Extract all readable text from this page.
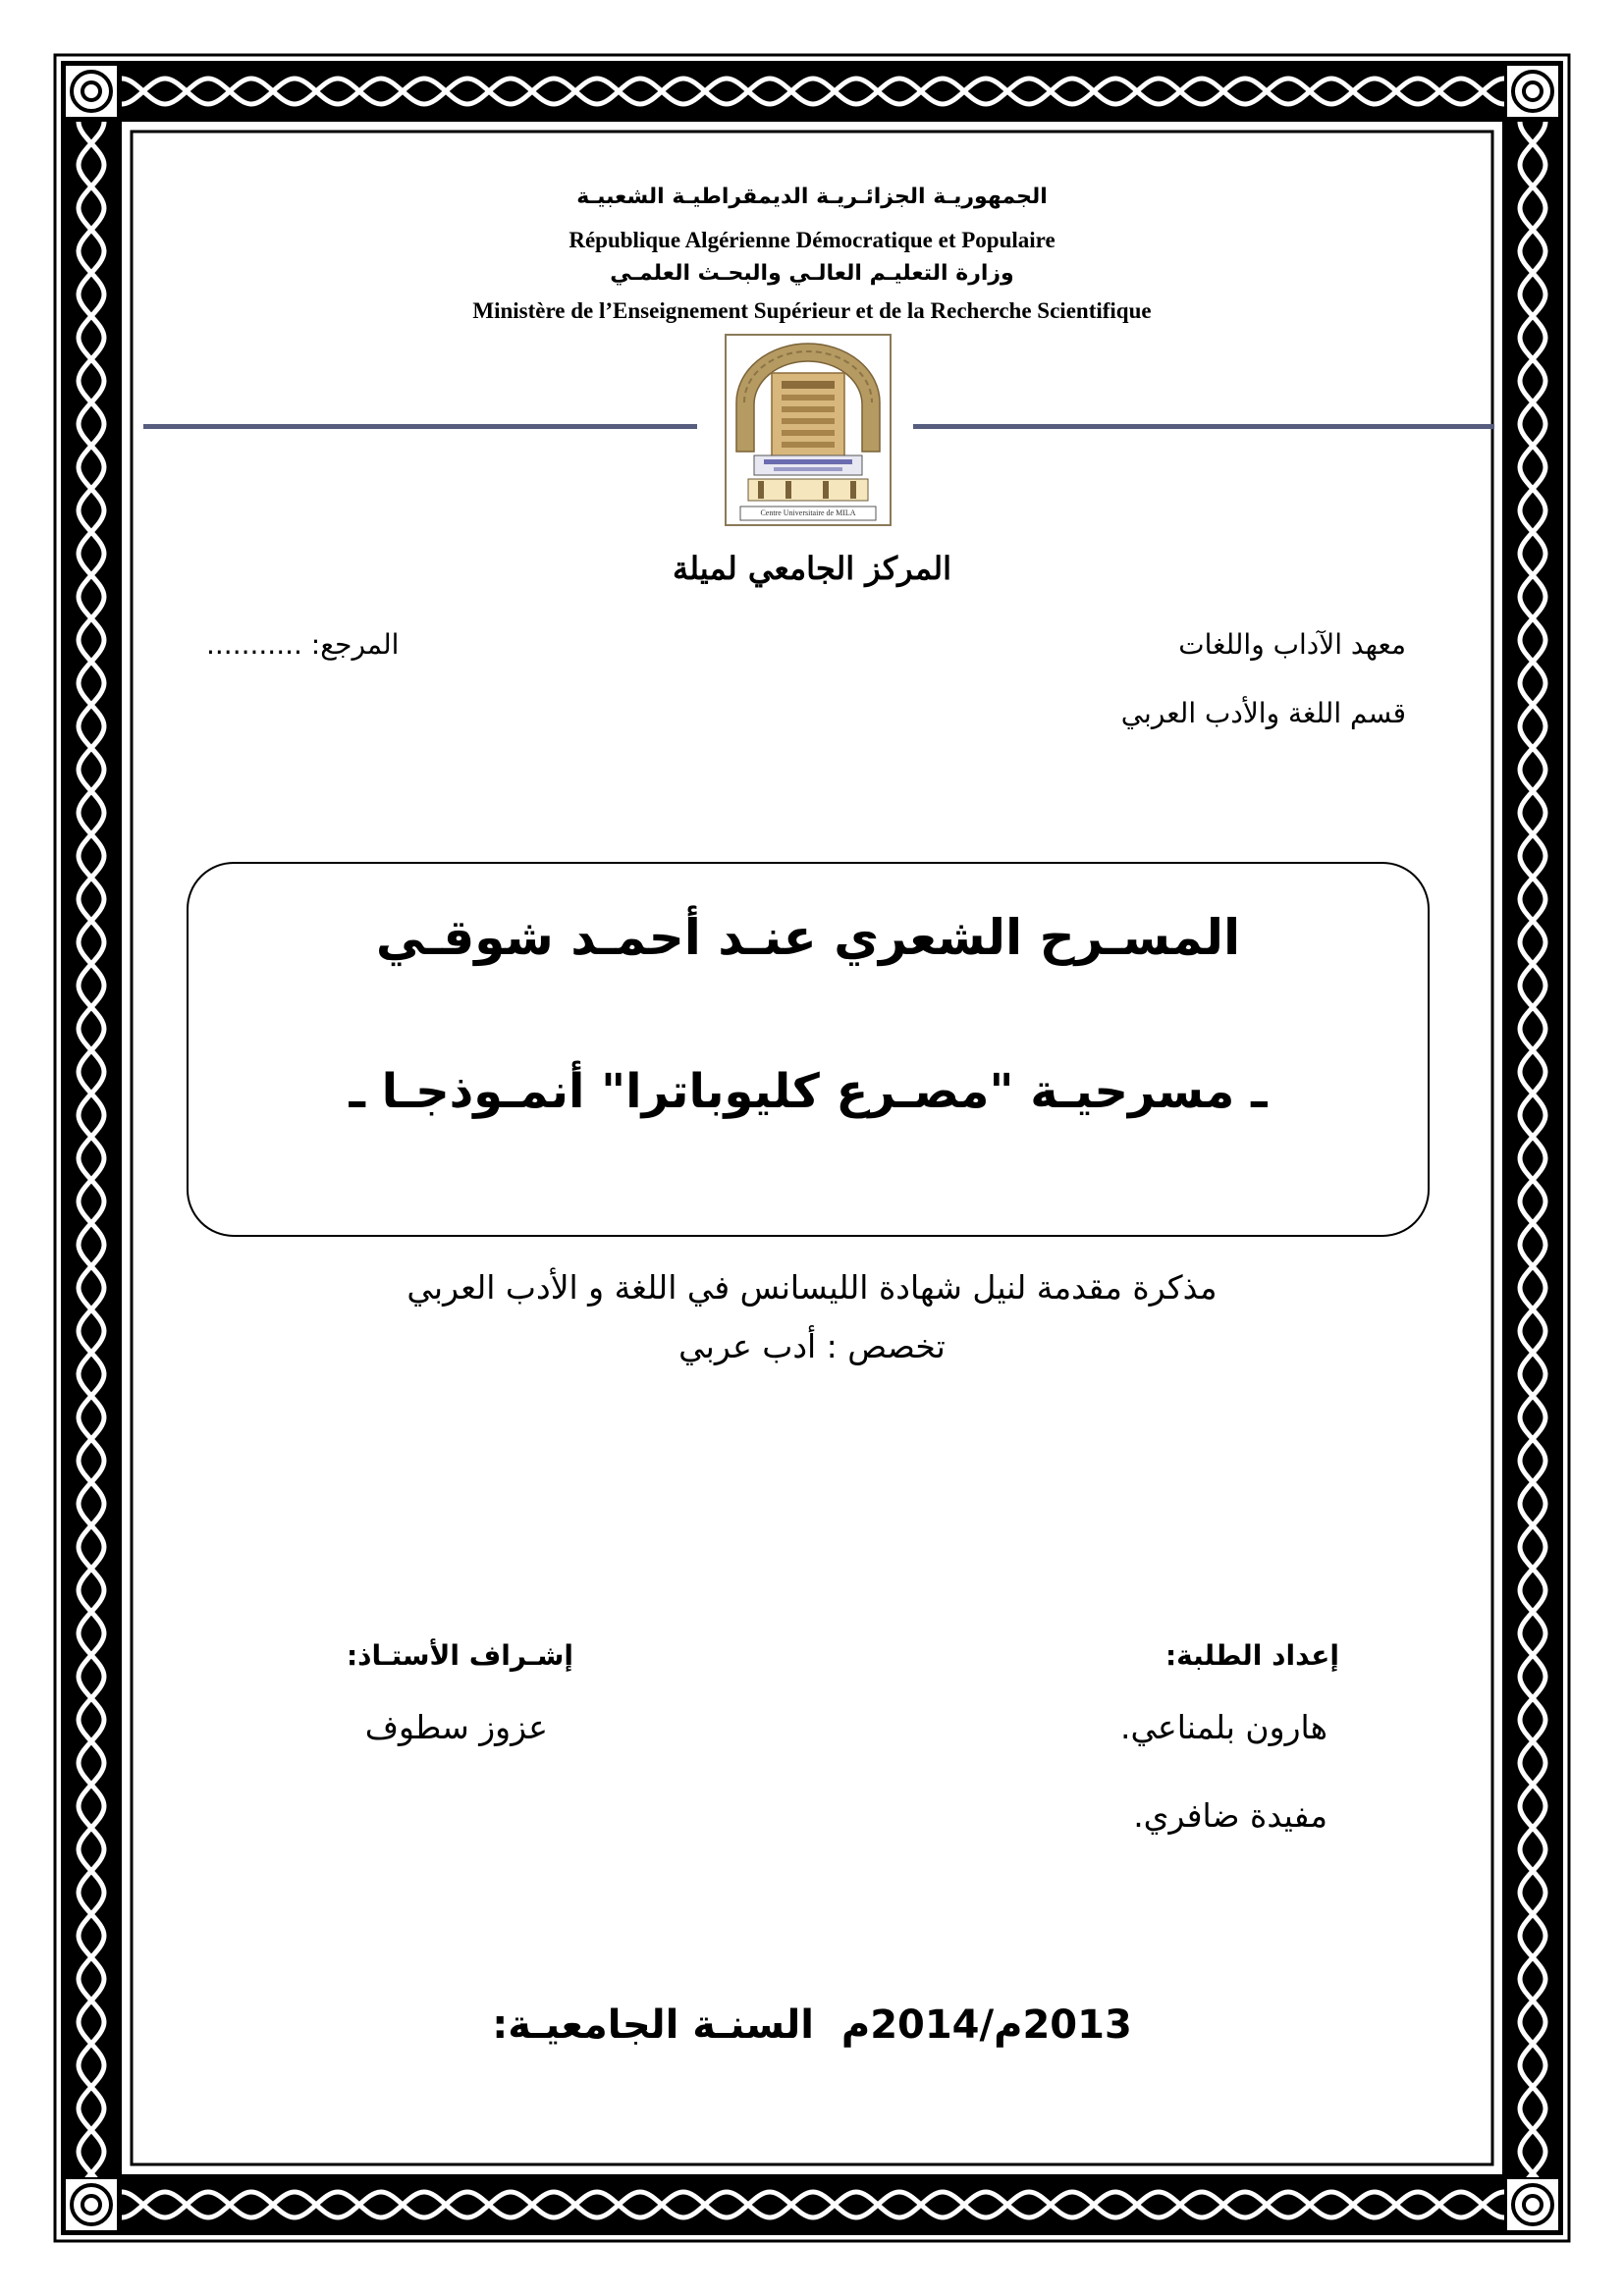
الجمهوريـة الجزائـريـة الديمقراطيـة الشعبيـة
République Algérienne Démocratique et Populaire
وزارة التعليـم العالـي والبحـث العلمـي
Ministère de l’Enseignement Supérieur et de la Recherche Scientifique
Centre Universitaire de MILA
المركز الجامعي لميلة
معهد الآداب واللغات
قسم اللغة والأدب العربي
المرجع: ...........
المسـرح الشعري عنـد أحمـد شوقـي
ـ مسرحيـة "مصـرع كليوباترا" أنمـوذجـا ـ
مذكرة مقدمة لنيل شهادة الليسانس في اللغة و الأدب العربي
تخصص : أدب عربي
إعداد الطلبة:
هارون بلمناعي.
مفيدة ضافري.
إشـراف الأستـاذ:
عزوز سطوف
السنـة الجامعيـة: 2013م/2014م
